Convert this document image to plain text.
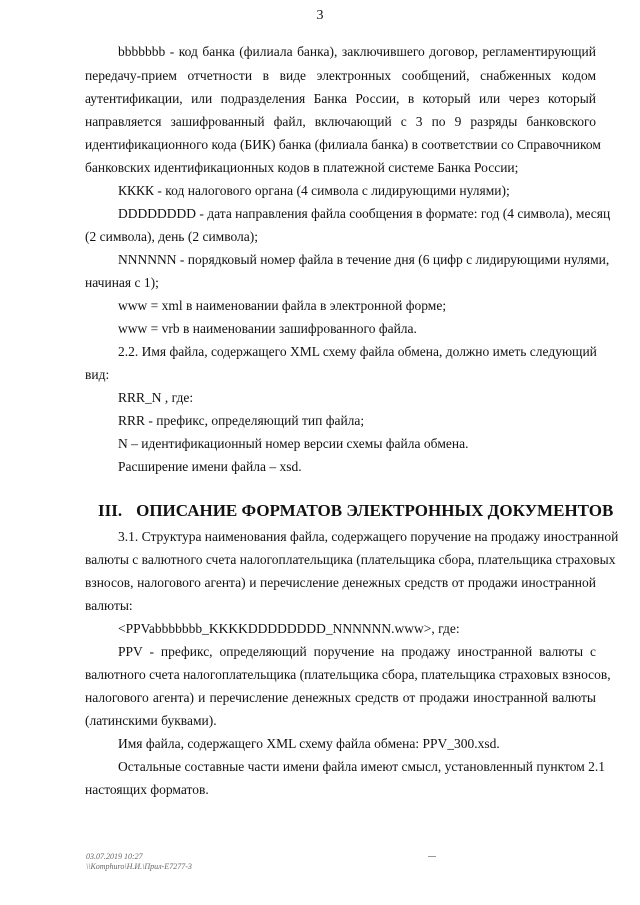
3
bbbbbbb - код банка (филиала банка), заключившего договор, регламентирующий
передачу-прием отчетности в виде электронных сообщений, снабженных кодом
аутентификации, или подразделения Банка России, в который или через который
направляется зашифрованный файл, включающий с 3 по 9 разряды банковского
идентификационного кода (БИК) банка (филиала банка) в соответствии со Справочником
банковских идентификационных кодов в платежной системе Банка России;
КККК - код налогового органа (4 символа с лидирующими нулями);
DDDDDDDD - дата направления файла сообщения в формате: год (4 символа), месяц
(2 символа), день (2 символа);
NNNNNN - порядковый номер файла в течение дня (6 цифр с лидирующими нулями,
начиная с 1);
www = xml в наименовании файла в электронной форме;
www = vrb в наименовании зашифрованного файла.
2.2. Имя файла, содержащего XML схему файла обмена, должно иметь следующий
вид:
RRR_N , где:
RRR - префикс, определяющий тип файла;
N – идентификационный номер версии схемы файла обмена.
Расширение имени файла – xsd.
III. ОПИСАНИЕ ФОРМАТОВ ЭЛЕКТРОННЫХ ДОКУМЕНТОВ
3.1. Структура наименования файла, содержащего поручение на продажу иностранной
валюты с валютного счета налогоплательщика (плательщика сбора, плательщика страховых
взносов, налогового агента) и перечисление денежных средств от продажи иностранной
валюты:
<PPVabbbbbbb_KKKKDDDDDDDD_NNNNNN.www>, где:
PPV - префикс, определяющий поручение на продажу иностранной валюты с
валютного счета налогоплательщика (плательщика сбора, плательщика страховых взносов,
налогового агента) и перечисление денежных средств от продажи иностранной валюты
(латинскими буквами).
Имя файла, содержащего XML схему файла обмена: PPV_300.xsd.
Остальные составные части имени файла имеют смысл, установленный пунктом 2.1
настоящих форматов.
03.07.2019 10:27
\\Komphuro\Н.И.\Прил-Е7277-3
